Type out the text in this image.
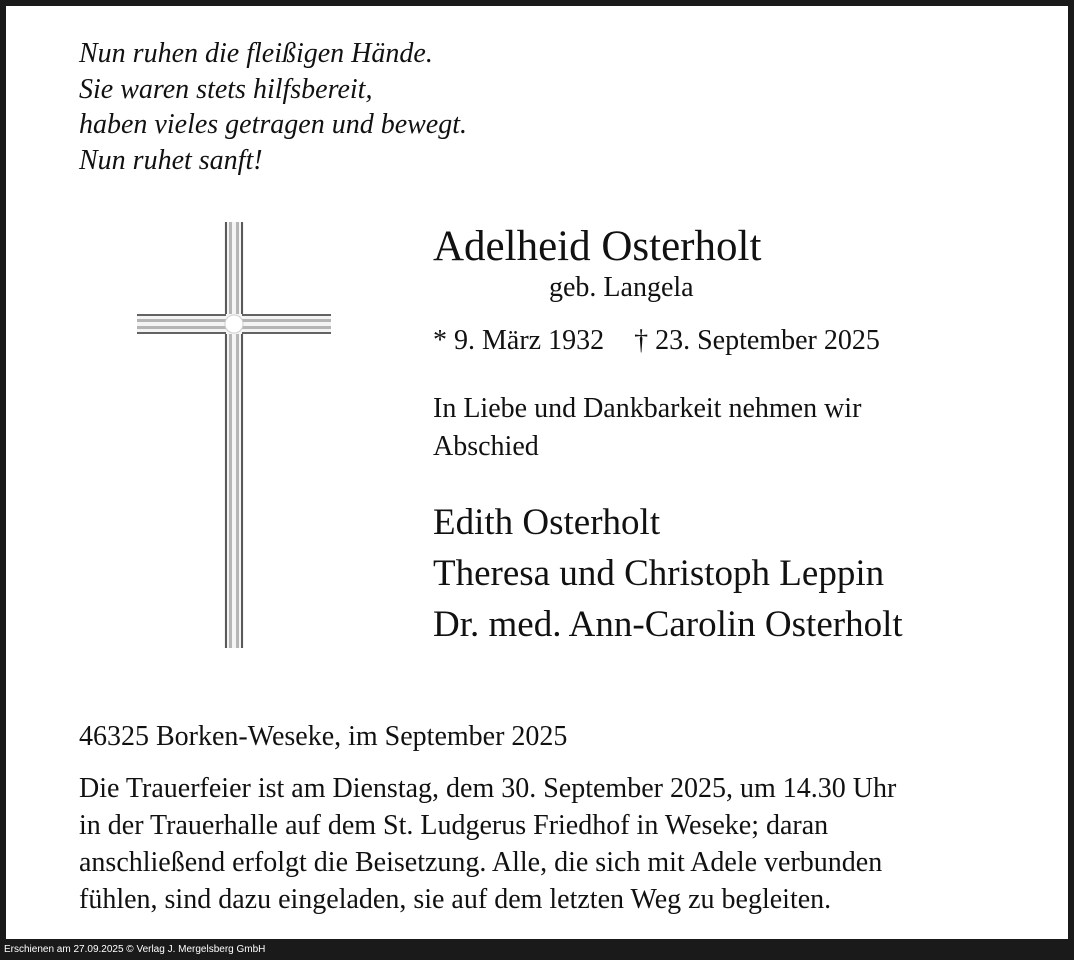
Nun ruhen die fleißigen Hände.
Sie waren stets hilfsbereit,
haben vieles getragen und bewegt.
Nun ruhet sanft!
Adelheid Osterholt
geb. Langela
* 9. März 1932 † 23. September 2025
In Liebe und Dankbarkeit nehmen wir
Abschied
Edith Osterholt
Theresa und Christoph Leppin
Dr. med. Ann-Carolin Osterholt
46325 Borken-Weseke, im September 2025
Die Trauerfeier ist am Dienstag, dem 30. September 2025, um 14.30 Uhr
in der Trauerhalle auf dem St. Ludgerus Friedhof in Weseke; daran
anschließend erfolgt die Beisetzung. Alle, die sich mit Adele verbunden
fühlen, sind dazu eingeladen, sie auf dem letzten Weg zu begleiten.
Erschienen am 27.09.2025 © Verlag J. Mergelsberg GmbH
